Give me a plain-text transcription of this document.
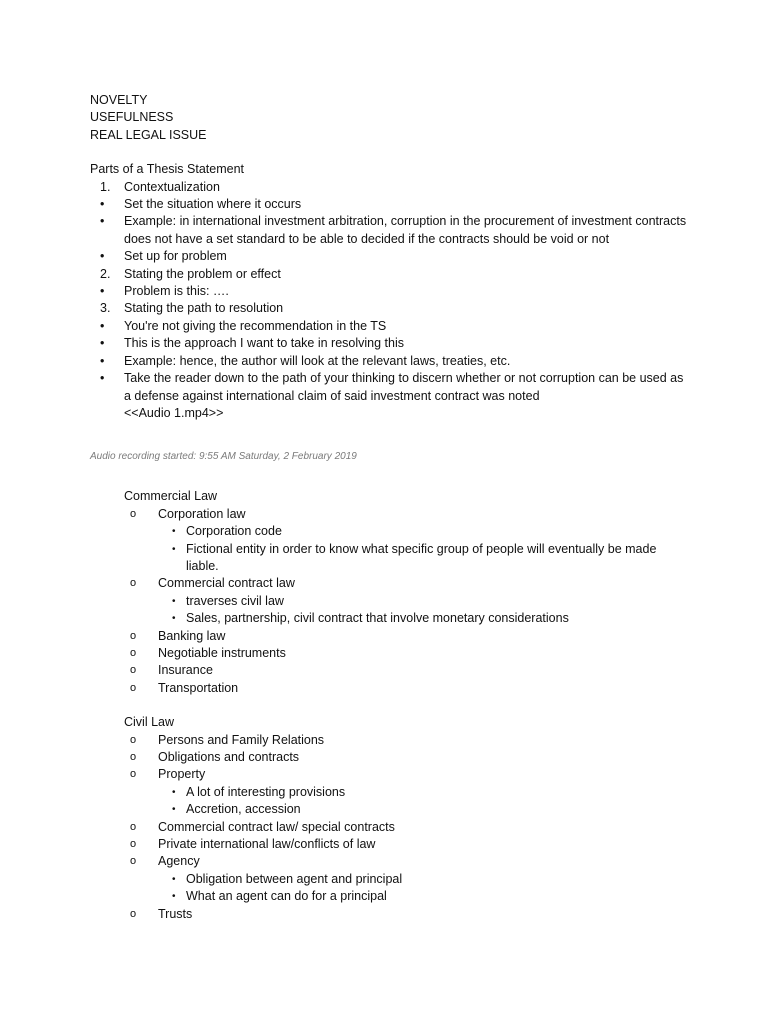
NOVELTY
USEFULNESS
REAL LEGAL ISSUE
Parts of a Thesis Statement
1.	Contextualization
•	Set the situation where it occurs
•	Example: in international investment arbitration, corruption in the procurement of investment contracts does not have a set standard to be able to decided if the contracts should be void or not
•	Set up for problem
2.	Stating the problem or effect
•	Problem is this: ….
3.	Stating the path to resolution
•	You're not giving the recommendation in the TS
•	This is the approach I want to take in resolving this
•	Example: hence, the author will look at the relevant laws, treaties, etc.
•	Take the reader down to the path of your thinking to discern whether or not corruption can be used as a defense against international claim of said investment contract was noted
<<Audio 1.mp4>>
Audio recording started: 9:55 AM Saturday, 2 February 2019
Commercial Law
o	Corporation law
• Corporation code
• Fictional entity in order to know what specific group of people will eventually be made liable.
o	Commercial contract law
• traverses civil law
• Sales, partnership, civil contract that involve monetary considerations
o	Banking law
o	Negotiable instruments
o	Insurance
o	Transportation
Civil Law
o	Persons and Family Relations
o	Obligations and contracts
o	Property
• A lot of interesting provisions
• Accretion, accession
o	Commercial contract law/ special contracts
o	Private international law/conflicts of law
o	Agency
• Obligation between agent and principal
• What an agent can do for a principal
o	Trusts
